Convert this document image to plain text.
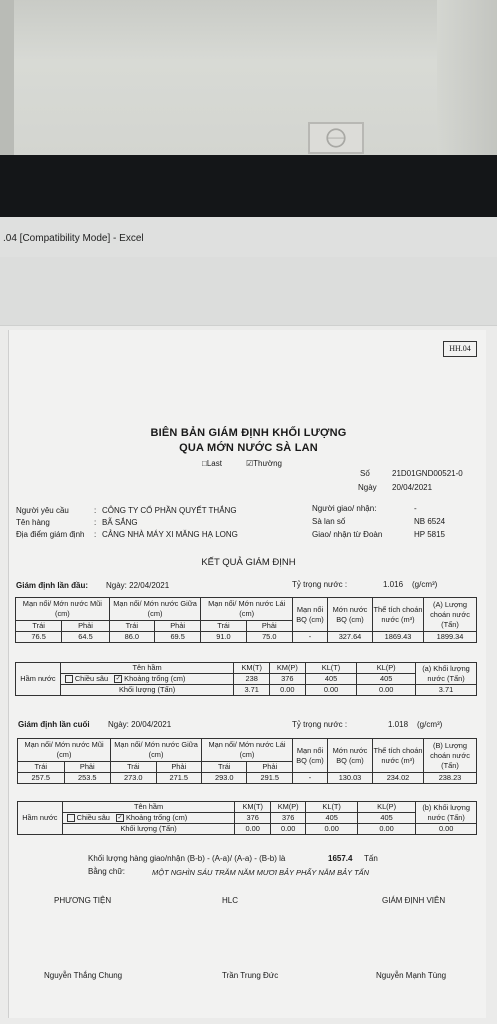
.04 [Compatibility Mode] - Excel
HH.04
BIÊN BẢN GIÁM ĐỊNH KHỐI LƯỢNG
QUA MỚN NƯỚC SÀ LAN
□Last	☑Thường
Số	21D01GND00521-0
Ngày 20/04/2021
Người yêu cầu	: CÔNG TY CỔ PHẦN QUYẾT THẮNG
Tên hàng	: BÃ SẮNG
Địa điểm giám định : CẢNG NHÀ MÁY XI MĂNG HẠ LONG
Người giao/ nhận:	-
Sà lan số	NB 6524
Giao/ nhận từ Đoàn	HP 5815
KẾT QUẢ GIÁM ĐỊNH
Giám định lần đầu: Ngày: 22/04/2021	Tỷ trọng nước :	1.016 (g/cm³)
Mạn nổi/ Mớn nước Mũi (cm)		Mạn nổi/ Mớn nước Giữa (cm)		Mạn nổi/ Mớn nước Lái (cm)		Mạn nổi BQ (cm)	Mớn nước BQ (cm)	Thể tích choán nước (m³)	(A) Lượng choán nước (Tấn)
Trái	Phải	Trái	Phải	Trái	Phải				
76.5	64.5	86.0	69.5	91.0	75.0	-	327.64	1869.43	1899.34
Hầm nước	Tên hầm	KM(T)	KM(P)	KL(T)	KL(P)	(a) Khối lượng nước (Tấn)
	Chiều sâu ✓ Khoảng trống (cm)	238	376	405	405	
	Khối lượng (Tấn)	3.71	0.00	0.00	0.00	3.71
Giám định lần cuối Ngày: 20/04/2021	Tỷ trọng nước :	1.018 (g/cm³)
Mạn nổi/ Mớn nước Mũi (cm)		Mạn nổi/ Mớn nước Giữa (cm)		Mạn nổi/ Mớn nước Lái (cm)		Mạn nổi BQ (cm)	Mớn nước BQ (cm)	Thể tích choán nước (m³)	(B) Lượng choán nước (Tấn)
Trái	Phải	Trái	Phải	Trái	Phải				
257.5	253.5	273.0	271.5	293.0	291.5	-	130.03	234.02	238.23
Hầm nước	Tên hầm	KM(T)	KM(P)	KL(T)	KL(P)	(b) Khối lượng nước (Tấn)
	Chiều sâu ✓ Khoảng trống (cm)	376	376	405	405	
	Khối lượng (Tấn)	0.00	0.00	0.00	0.00	0.00
Khối lượng hàng giao/nhận (B-b) - (A-a)/ (A-a) - (B-b) là	1657.4 Tấn
Bằng chữ:	MỘT NGHÌN SÁU TRĂM NĂM MƯƠI BẢY PHẨY NĂM BẢY TẤN
PHƯƠNG TIỆN	HLC	GIÁM ĐỊNH VIÊN
Nguyễn Thắng Chung	Trần Trung Đức	Nguyễn Mạnh Tùng
